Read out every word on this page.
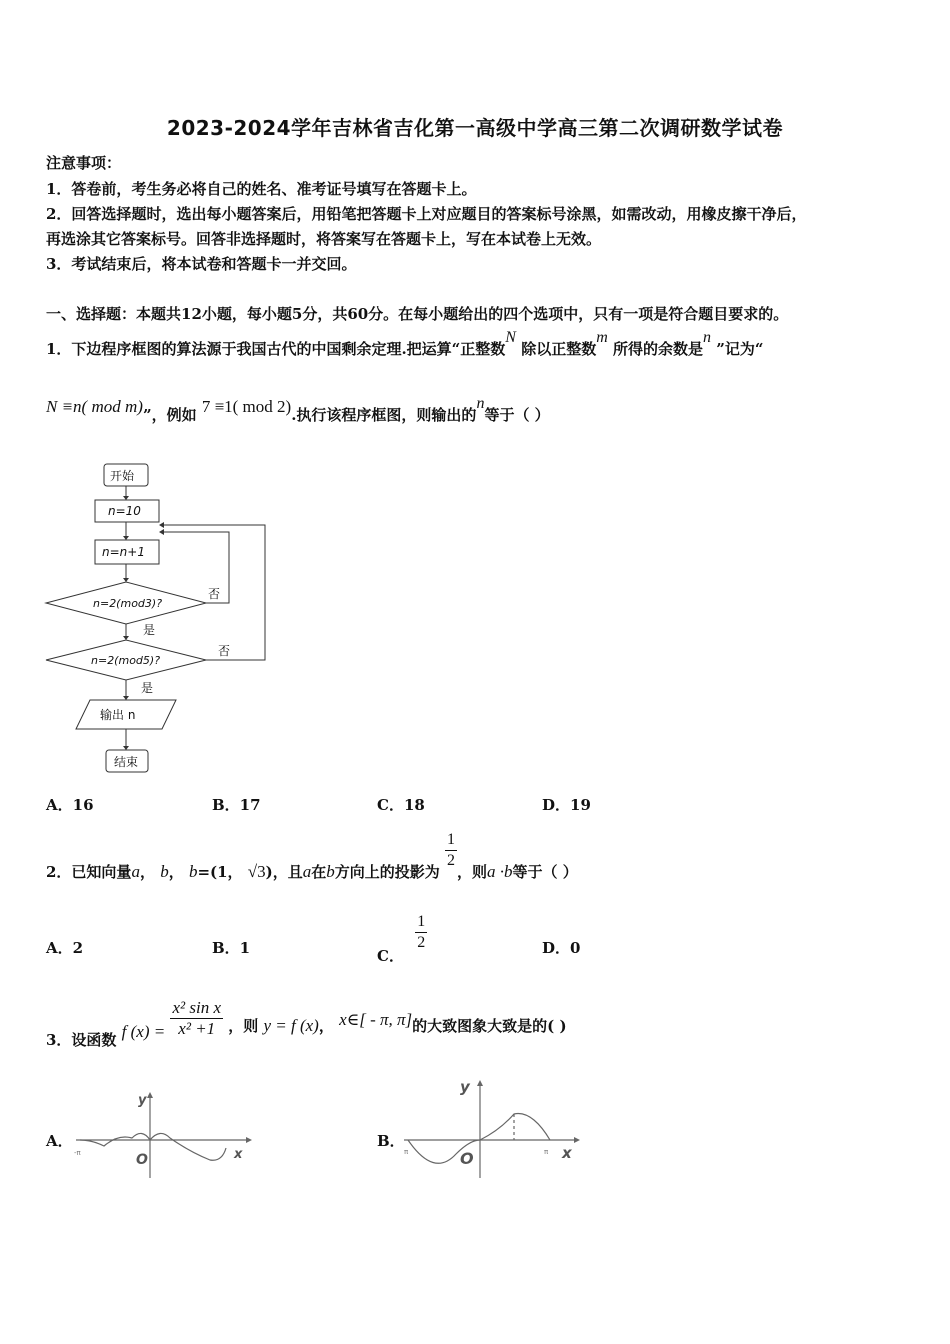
2023-2024学年吉林省吉化第一高级中学高三第二次调研数学试卷
注意事项：
1．答卷前，考生务必将自己的姓名、准考证号填写在答题卡上。
2．回答选择题时，选出每小题答案后，用铅笔把答题卡上对应题目的答案标号涂黑，如需改动，用橡皮擦干净后，
再选涂其它答案标号。回答非选择题时，将答案写在答题卡上，写在本试卷上无效。
3．考试结束后，将本试卷和答题卡一并交回。
一、选择题：本题共12小题，每小题5分，共60分。在每小题给出的四个选项中，只有一项是符合题目要求的。
1．下边程序框图的算法源于我国古代的中国剩余定理.把运算“正整数N 除以正整数m 所得的余数是n ”记为“
N ≡n( mod m)”，例如 7 ≡1( mod 2).执行该程序框图，则输出的n等于（ ）
开始
n=10
n=n+1
n=2(mod3)?
n=2(mod5)?
否
否
是
是
输出 n
结束
A．16	B．17	C．18	D．19
2．已知向量a， b， b=(1， √3)，且a在b方向上的投影为
$\frac{1}{2}$
，则a ·b等于（ ）
A．2	B．1	C．
$\frac{1}{2}$	D．0
3．设函数 f $(x) = \frac{\text{x² sin x}}{\text{x² +1}}$ ，则 y = f (x)， x∈[ - π, π]的大致图象大致是的( )
A．
y
x
O
-π
B．
y
x
O
π	π
